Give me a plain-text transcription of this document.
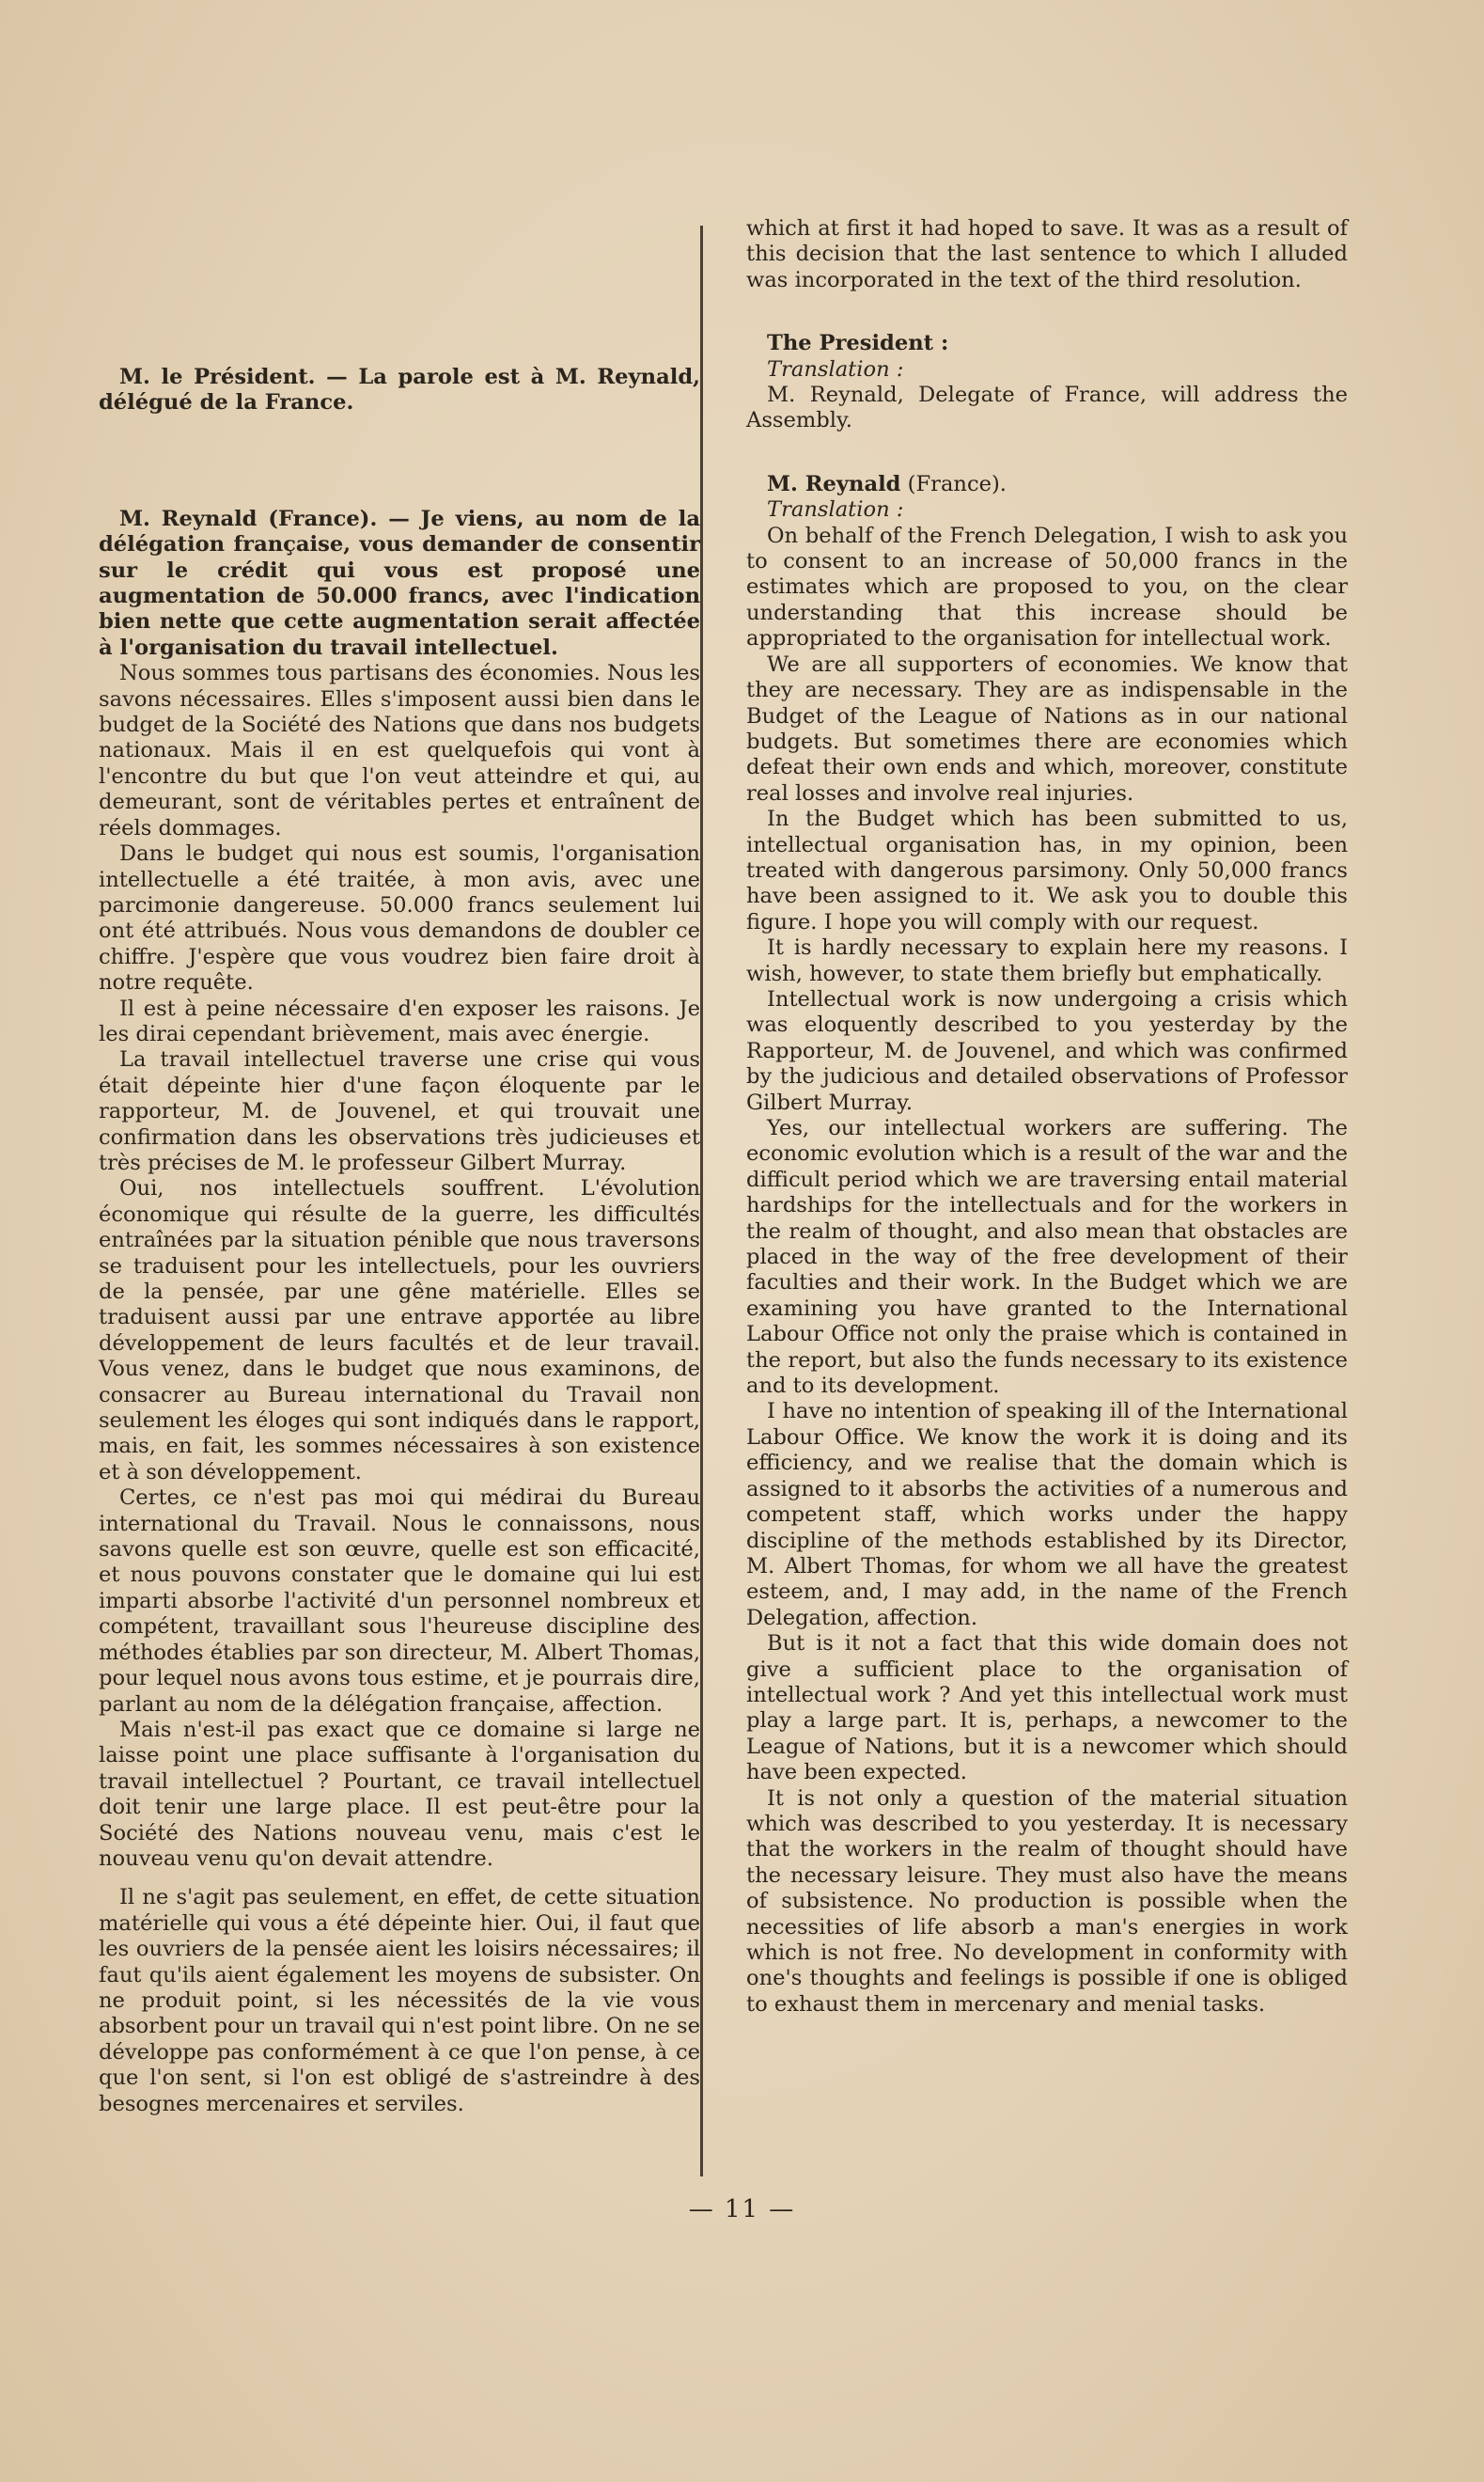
M. le Président. — La parole est à M. Reynald, délégué de la France.

M. Reynald (France). — Je viens, au nom de la délégation française, vous demander de consentir sur le crédit qui vous est proposé une augmentation de 50.000 francs, avec l'indication bien nette que cette augmentation serait affectée à l'organisation du travail intellectuel.

Nous sommes tous partisans des économies. Nous les savons nécessaires. Elles s'imposent aussi bien dans le budget de la Société des Nations que dans nos budgets nationaux. Mais il en est quelquefois qui vont à l'encontre du but que l'on veut atteindre et qui, au demeurant, sont de véritables pertes et entraînent de réels dommages.

Dans le budget qui nous est soumis, l'organisation intellectuelle a été traitée, à mon avis, avec une parcimonie dangereuse. 50.000 francs seulement lui ont été attribués. Nous vous demandons de doubler ce chiffre. J'espère que vous voudrez bien faire droit à notre requête.

Il est à peine nécessaire d'en exposer les raisons. Je les dirai cependant brièvement, mais avec énergie.

La travail intellectuel traverse une crise qui vous était dépeinte hier d'une façon éloquente par le rapporteur, M. de Jouvenel, et qui trouvait une confirmation dans les observations très judicieuses et très précises de M. le professeur Gilbert Murray.

Oui, nos intellectuels souffrent. L'évolution économique qui résulte de la guerre, les difficultés entraînées par la situation pénible que nous traversons se traduisent pour les intellectuels, pour les ouvriers de la pensée, par une gêne matérielle. Elles se traduisent aussi par une entrave apportée au libre développement de leurs facultés et de leur travail. Vous venez, dans le budget que nous examinons, de consacrer au Bureau international du Travail non seulement les éloges qui sont indiqués dans le rapport, mais, en fait, les sommes nécessaires à son existence et à son développement.

Certes, ce n'est pas moi qui médirai du Bureau international du Travail. Nous le connaissons, nous savons quelle est son œuvre, quelle est son efficacité, et nous pouvons constater que le domaine qui lui est imparti absorbe l'activité d'un personnel nombreux et compétent, travaillant sous l'heureuse discipline des méthodes établies par son directeur, M. Albert Thomas, pour lequel nous avons tous estime, et je pourrais dire, parlant au nom de la délégation française, affection.

Mais n'est-il pas exact que ce domaine si large ne laisse point une place suffisante à l'organisation du travail intellectuel ? Pourtant, ce travail intellectuel doit tenir une large place. Il est peut-être pour la Société des Nations nouveau venu, mais c'est le nouveau venu qu'on devait attendre.

Il ne s'agit pas seulement, en effet, de cette situation matérielle qui vous a été dépeinte hier. Oui, il faut que les ouvriers de la pensée aient les loisirs nécessaires; il faut qu'ils aient également les moyens de subsister. On ne produit point, si les nécessités de la vie vous absorbent pour un travail qui n'est point libre. On ne se développe pas conformément à ce que l'on pense, à ce que l'on sent, si l'on est obligé de s'astreindre à des besognes mercenaires et serviles.

which at first it had hoped to save. It was as a result of this decision that the last sentence to which I alluded was incorporated in the text of the third resolution.

The President :

Translation :

M. Reynald, Delegate of France, will address the Assembly.

M. Reynald (France).

Translation :

On behalf of the French Delegation, I wish to ask you to consent to an increase of 50,000 francs in the estimates which are proposed to you, on the clear understanding that this increase should be appropriated to the organisation for intellectual work.

We are all supporters of economies. We know that they are necessary. They are as indispensable in the Budget of the League of Nations as in our national budgets. But sometimes there are economies which defeat their own ends and which, moreover, constitute real losses and involve real injuries.

In the Budget which has been submitted to us, intellectual organisation has, in my opinion, been treated with dangerous parsimony. Only 50,000 francs have been assigned to it. We ask you to double this figure. I hope you will comply with our request.

It is hardly necessary to explain here my reasons. I wish, however, to state them briefly but emphatically.

Intellectual work is now undergoing a crisis which was eloquently described to you yesterday by the Rapporteur, M. de Jouvenel, and which was confirmed by the judicious and detailed observations of Professor Gilbert Murray.

Yes, our intellectual workers are suffering. The economic evolution which is a result of the war and the difficult period which we are traversing entail material hardships for the intellectuals and for the workers in the realm of thought, and also mean that obstacles are placed in the way of the free development of their faculties and their work. In the Budget which we are examining you have granted to the International Labour Office not only the praise which is contained in the report, but also the funds necessary to its existence and to its development.

I have no intention of speaking ill of the International Labour Office. We know the work it is doing and its efficiency, and we realise that the domain which is assigned to it absorbs the activities of a numerous and competent staff, which works under the happy discipline of the methods established by its Director, M. Albert Thomas, for whom we all have the greatest esteem, and, I may add, in the name of the French Delegation, affection.

But is it not a fact that this wide domain does not give a sufficient place to the organisation of intellectual work ? And yet this intellectual work must play a large part. It is, perhaps, a newcomer to the League of Nations, but it is a newcomer which should have been expected.

It is not only a question of the material situation which was described to you yesterday. It is necessary that the workers in the realm of thought should have the necessary leisure. They must also have the means of subsistence. No production is possible when the necessities of life absorb a man's energies in work which is not free. No development in conformity with one's thoughts and feelings is possible if one is obliged to exhaust them in mercenary and menial tasks.

— 11 —
